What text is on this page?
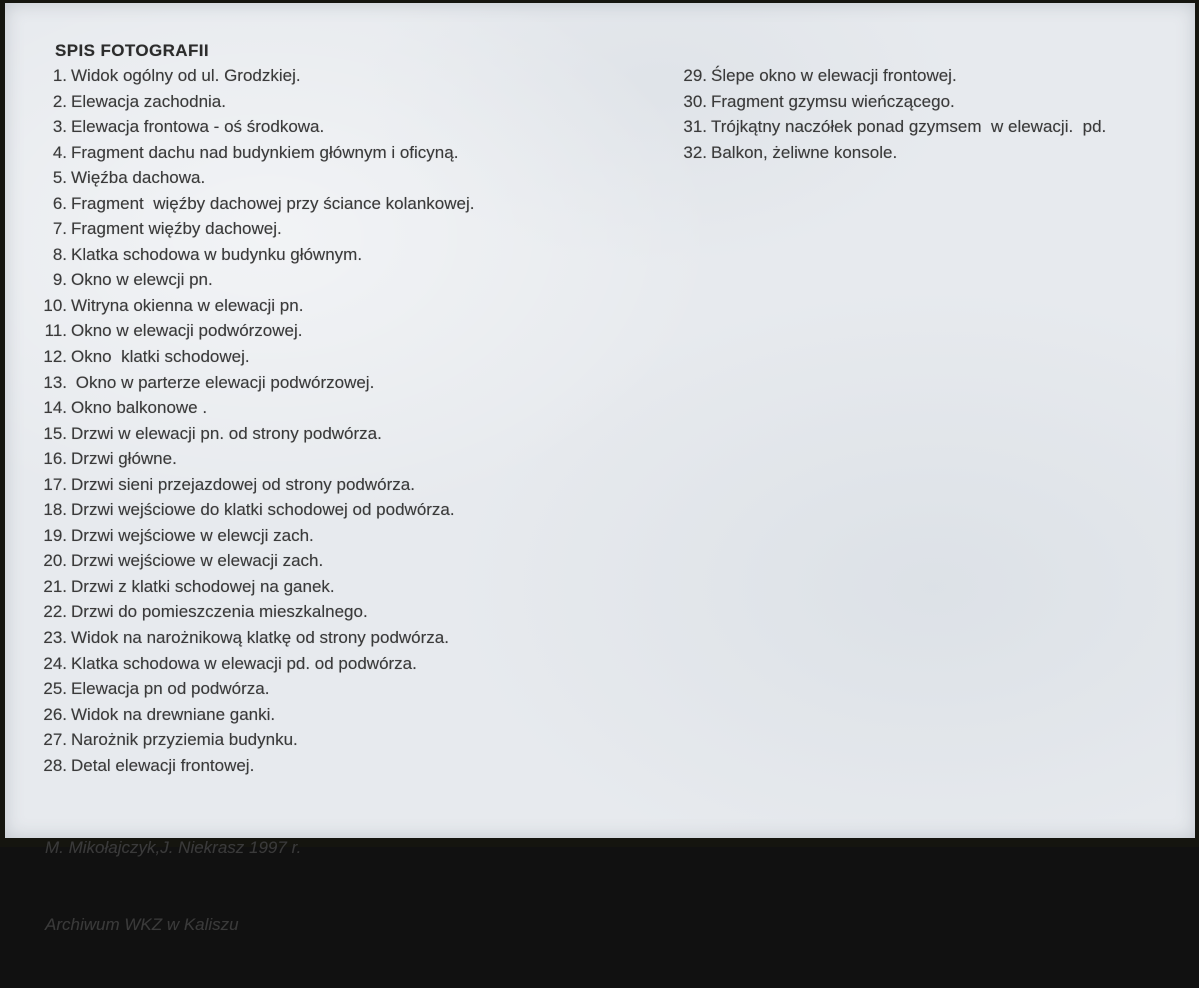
SPIS FOTOGRAFII
1. Widok ogólny od ul. Grodzkiej.
2. Elewacja zachodnia.
3. Elewacja frontowa - oś środkowa.
4. Fragment dachu nad budynkiem głównym i oficyną.
5. Więźba dachowa.
6. Fragment  więźby dachowej przy ściance kolankowej.
7. Fragment więźby dachowej.
8. Klatka schodowa w budynku głównym.
9. Okno w elewcji pn.
10. Witryna okienna w elewacji pn.
11. Okno w elewacji podwórzowej.
12. Okno  klatki schodowej.
13. Okno w parterze elewacji podwórzowej.
14. Okno balkonowe .
15. Drzwi w elewacji pn. od strony podwórza.
16. Drzwi główne.
17. Drzwi sieni przejazdowej od strony podwórza.
18. Drzwi wejściowe do klatki schodowej od podwórza.
19. Drzwi wejściowe w elewcji zach.
20. Drzwi wejściowe w elewacji zach.
21. Drzwi z klatki schodowej na ganek.
22. Drzwi do pomieszczenia mieszkalnego.
23. Widok na narożnikową klatkę od strony podwórza.
24. Klatka schodowa w elewacji pd. od podwórza.
25. Elewacja pn od podwórza.
26. Widok na drewniane ganki.
27. Narożnik przyziemia budynku.
28. Detal elewacji frontowej.
29. Ślepe okno w elewacji frontowej.
30. Fragment gzymsu wieńczącego.
31. Trójkątny naczółek ponad gzymsem  w elewacji.  pd.
32. Balkon, żeliwne konsole.

M. Mikołajczyk,J. Niekrasz 1997 r.

Archiwum WKZ w Kaliszu
